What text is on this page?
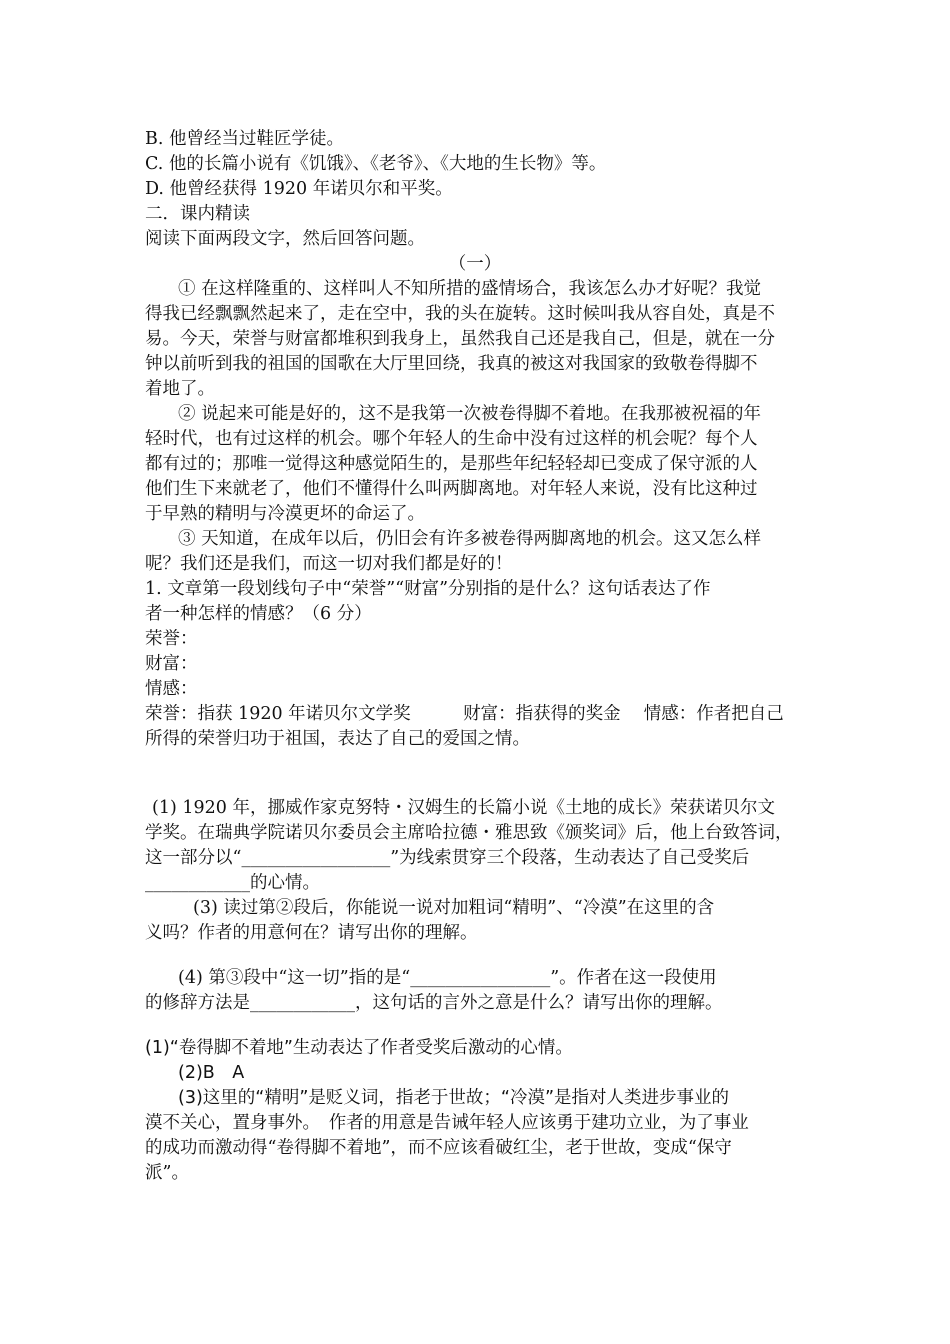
B. 他曾经当过鞋匠学徒。
C. 他的长篇小说有《饥饿》、《老爷》、《大地的生长物》等。
D. 他曾经获得 1920 年诺贝尔和平奖。
二．课内精读
阅读下面两段文字，然后回答问题。
（一）
① 在这样隆重的、这样叫人不知所措的盛情场合，我该怎么办才好呢？我觉
得我已经飘飘然起来了，走在空中，我的头在旋转。这时候叫我从容自处，真是不
易。今天，荣誉与财富都堆积到我身上，虽然我自己还是我自己，但是，就在一分
钟以前听到我的祖国的国歌在大厅里回绕，我真的被这对我国家的致敬卷得脚不
着地了。
② 说起来可能是好的，这不是我第一次被卷得脚不着地。在我那被祝福的年
轻时代，也有过这样的机会。哪个年轻人的生命中没有过这样的机会呢？每个人
都有过的；那唯一觉得这种感觉陌生的，是那些年纪轻轻却已变成了保守派的人
他们生下来就老了，他们不懂得什么叫两脚离地。对年轻人来说，没有比这种过
于早熟的精明与冷漠更坏的命运了。
③ 天知道，在成年以后，仍旧会有许多被卷得两脚离地的机会。这又怎么样
呢？我们还是我们，而这一切对我们都是好的！
1. 文章第一段划线句子中“荣誉”“财富”分别指的是什么？这句话表达了作
者一种怎样的情感？（6 分）
荣誉：
财富：
情感：
荣誉：指获 1920 年诺贝尔文学奖　　　财富：指获得的奖金　 情感：作者把自己
所得的荣誉归功于祖国，表达了自己的爱国之情。
(1) 1920 年，挪威作家克努特・汉姆生的长篇小说《土地的成长》荣获诺贝尔文
学奖。在瑞典学院诺贝尔委员会主席哈拉德・雅思致《颁奖词》后，他上台致答词，
这一部分以“_________________”为线索贯穿三个段落，生动表达了自己受奖后
____________的心情。
(3) 读过第②段后，你能说一说对加粗词“精明”、“冷漠”在这里的含
义吗？作者的用意何在？请写出你的理解。
(4) 第③段中“这一切”指的是“________________”。作者在这一段使用
的修辞方法是____________，这句话的言外之意是什么？请写出你的理解。
(1)“卷得脚不着地”生动表达了作者受奖后激动的心情。
(2)B　A
(3)这里的“精明”是贬义词，指老于世故；“冷漠”是指对人类进步事业的
漠不关心，置身事外。　作者的用意是告诫年轻人应该勇于建功立业，为了事业
的成功而激动得“卷得脚不着地”，而不应该看破红尘，老于世故，变成“保守
派”。
